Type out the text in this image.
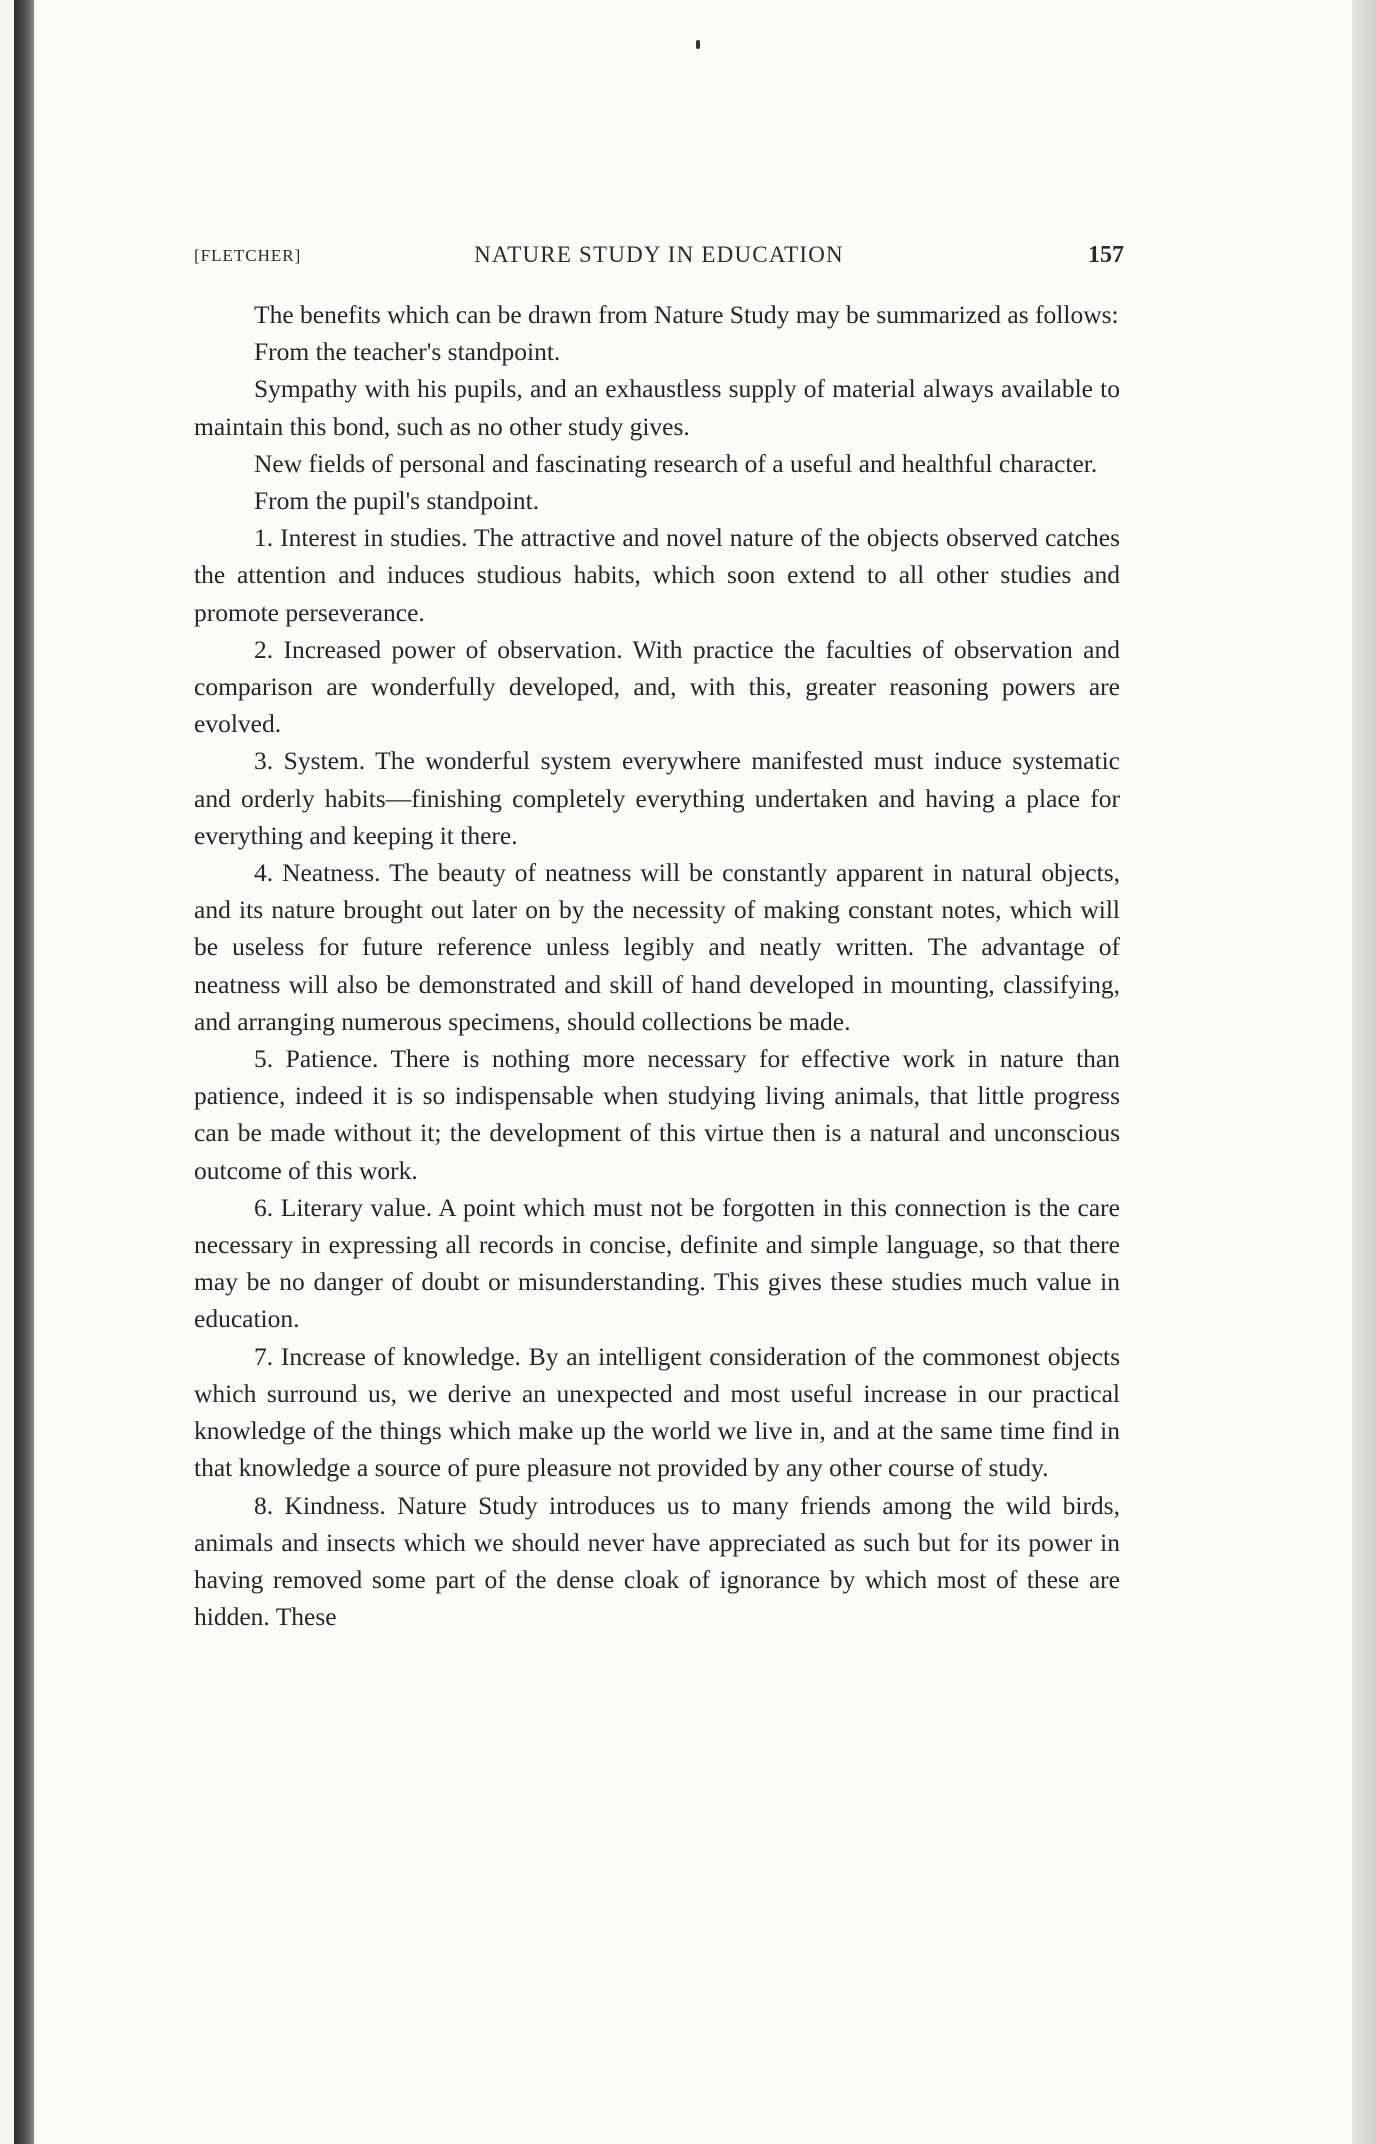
[FLETCHER]	NATURE STUDY IN EDUCATION	157

The benefits which can be drawn from Nature Study may be summarized as follows:

From the teacher's standpoint.

Sympathy with his pupils, and an exhaustless supply of material always available to maintain this bond, such as no other study gives.

New fields of personal and fascinating research of a useful and healthful character.

From the pupil's standpoint.

1. Interest in studies. The attractive and novel nature of the objects observed catches the attention and induces studious habits, which soon extend to all other studies and promote perseverance.

2. Increased power of observation. With practice the faculties of observation and comparison are wonderfully developed, and, with this, greater reasoning powers are evolved.

3. System. The wonderful system everywhere manifested must induce systematic and orderly habits—finishing completely everything undertaken and having a place for everything and keeping it there.

4. Neatness. The beauty of neatness will be constantly apparent in natural objects, and its nature brought out later on by the necessity of making constant notes, which will be useless for future reference unless legibly and neatly written. The advantage of neatness will also be demonstrated and skill of hand developed in mounting, classifying, and arranging numerous specimens, should collections be made.

5. Patience. There is nothing more necessary for effective work in nature than patience, indeed it is so indispensable when studying living animals, that little progress can be made without it; the development of this virtue then is a natural and unconscious outcome of this work.

6. Literary value. A point which must not be forgotten in this connection is the care necessary in expressing all records in concise, definite and simple language, so that there may be no danger of doubt or misunderstanding. This gives these studies much value in education.

7. Increase of knowledge. By an intelligent consideration of the commonest objects which surround us, we derive an unexpected and most useful increase in our practical knowledge of the things which make up the world we live in, and at the same time find in that knowledge a source of pure pleasure not provided by any other course of study.

8. Kindness. Nature Study introduces us to many friends among the wild birds, animals and insects which we should never have appreciated as such but for its power in having removed some part of the dense cloak of ignorance by which most of these are hidden. These
